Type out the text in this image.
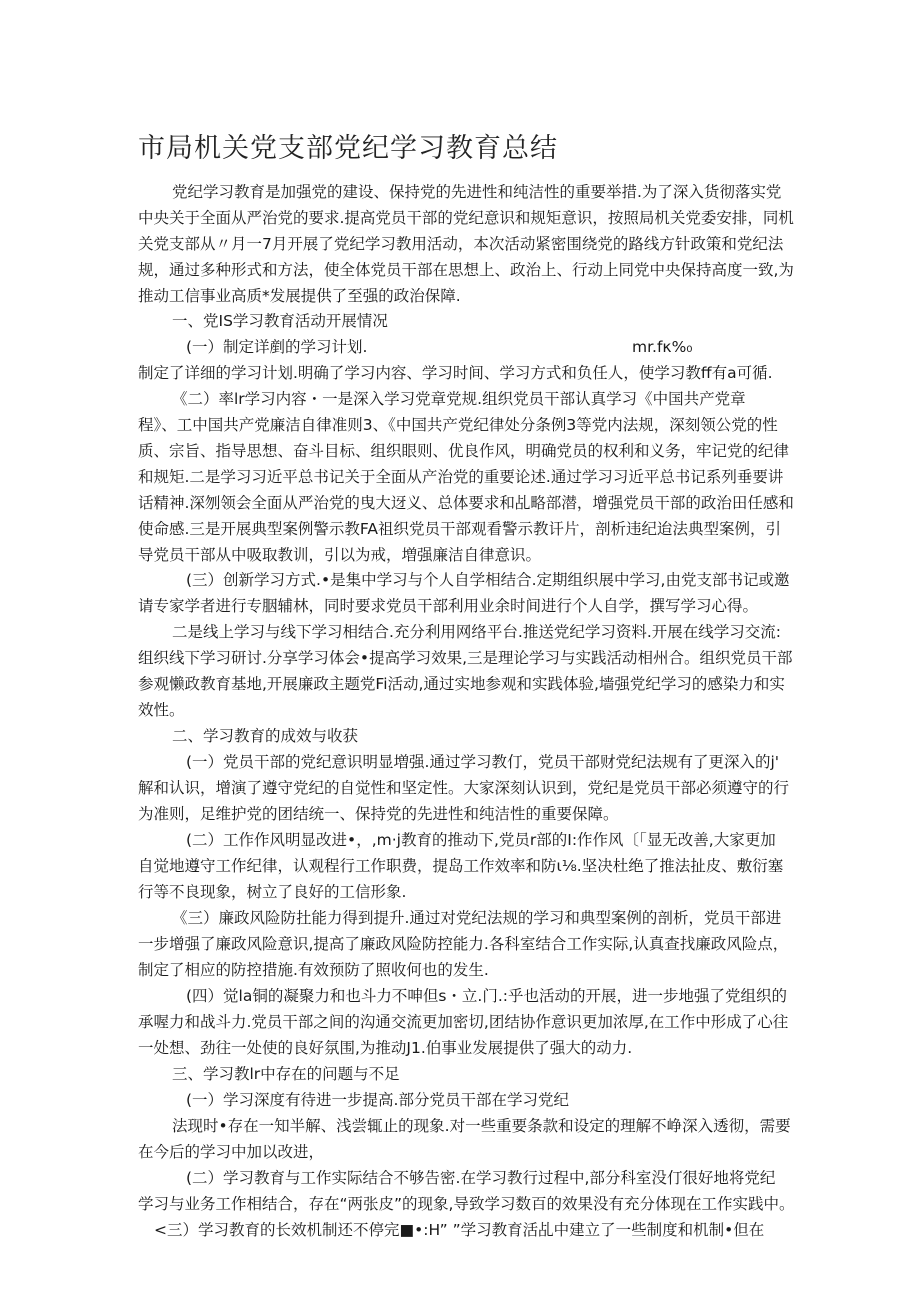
市局机关党支部党纪学习教育总结
党纪学习教育是加强党的建设、保持党的先进性和纯洁性的重要举措.为了深入货彻落实党
中央关于全面从严治党的要求.提高党员干部的党纪意识和规矩意识，按照局机关党委安排，同机
关党支部从〃月一7月开展了党纪学习教用活动，本次活动紧密围绕党的路线方针政策和党纪法
规，通过多种形式和方法，使全体党员干部在思想上、政治上、行动上同党中央保持高度一致,为
推动工信事业高质*发展提供了至强的政治保障.
一、党IS学习教育活动开展情况
(一）制定详剷的学习计划.	mr.fκ%₀
制定了详细的学习计划.明确了学习内容、学习时间、学习方式和负任人，使学习教ff有a可循.
《二）率lr学习内容・一是深入学习党章党规.组织党员干部认真学习《中国共产党章
程》、工中国共产党廉洁自律准则3、《中国共产党纪律处分条例3等党内法规，深刻领公党的性
质、宗旨、指导思想、奋斗目标、组织眼则、优良作风，明确党员的权利和义务，牢记党的纪律
和规矩.二是学习习近平总书记关于全面从产治党的重要论述.通过学习习近平总书记系列垂要讲
话精神.深刎领会全面从严治党的曳大迓义、总体要求和乩略部潜，增强党员干部的政治田任感和
使命感.三是开展典型案例警示教FA祖织党员干部观看警示教讦片，剖析违纪迨法典型案例，引
导党员干部从中吸取教训，引以为戒，増强廉洁自律意识。
(三）创新学习方式.•是集中学习与个人自学相结合.定期组织展中学习,由党支部书记或邀
请专家学者进行专胭辅林，同时要求党员干部利用业余时间进行个人自学，撰写学习心得。
二是线上学习与线下学习相结合.充分利用网络平台.推送党纪学习资料.开展在线学习交流:
组织线下学习研讨.分享学习体会•提高学习效果,三是理论学习与实践活动相州合。组织党员干部
参观懒政教育基地,开展廉政主题党Fi活动,通过实地参观和实践体验,墙强党纪学习的感染力和实
效性。
二、学习教育的成效与收获
(一）党员干部的党纪意识明显増强.通过学习教仃，党员干部财党纪法规有了更深入的j'
解和认识，增演了遵守党纪的自觉性和坚定性。大家深刻认识到，党纪是党员干部必须遵守的行
为准则，足维护党的团结统一、保持党的先进性和纯洁性的重要保障。
(二）工作作风明显改进•，,m·j教育的推动下,党员r部的I:作作风〔「显无改善,大家更加
自觉地遵守工作纪律，认观程行工作职费，提岛工作效率和防ι⅛.坚决杜绝了推法扯皮、敷衍塞
行等不良现象，树立了良好的工信形象.
《三）廉政风险防扗能力得到提升.通过对党纪法规的学习和典型案例的剖析，党员干部进
一步增强了廉政风险意识,提高了廉政风险防控能力.各科室结合工作实际,认真查找廉政风险点，
制定了相应的防控措施.有效预防了照收何也的发生.
(四）觉la铜的凝聚力和也斗力不呻但s・立.门.:乎也活动的开展，进一步地强了党组织的
承喔力和战斗力.党员干部之间的沟通交流更加密切,团结协作意识更加浓厚,在工作中形成了心往
一处想、劲往一处使的良好氛围,为推动J1.伯事业发展提供了强大的动力.
三、学习教lr中存在的问题与不足
(一）学习深度有待进一步提高.部分党员干部在学习党纪
法现时•存在一知半解、浅尝辄止的现象.对一些重要条款和设定的理解不峥深入透彻，需要
在今后的学习中加以改进，
(二）学习教育与工作实际结合不够告密.在学习教行过程中,部分科室没仃很好地将党纪
学习与业务工作相结合，存在“两张皮”的现象,导致学习数百的效果没有充分体现在工作实践中。
<三）学习教育的长效机制还不停完■•:H” ”学习教育活乩中建立了一些制度和机制•但在
